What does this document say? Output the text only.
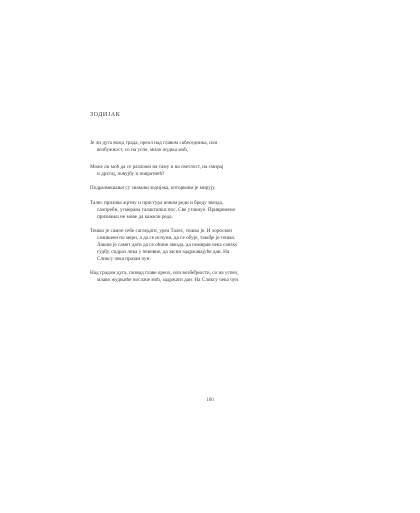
ЗОДИЈАК
Је ли дуга вожд градa, ореол над главом сабеседника, или
возбужност, со на успе, мило жудња моћ,
Може ли моћ да се разложи на таму и на светлост, на смирај
и дрхтај, повујбу и повратнећ?
Подразмешањи су знакови зодијака, которкови је мирују.
Талес призивa жртну и пристура новом реди и бреду звезда,
саопребн, усмерана галактички пос. Све утакнуо. Привремено
признањи не мове да кажели реда.
Тешко је самое себе сагледати, уреа Талес, тешко је. И хороскоп
сачињеен по мери, а да се испуни, да се обује, такође је тешко.
Лакше је самет дати да се оћине звезда, да помирав чека санзку
судбу, сидраз лика у певовиe, да засни задржавајуће дан. На
Сликсу чека празан чун.
Над градом дуга, позвад главе ореол, или возбеђности, со на успех,
млаво жудњиће послаче моћ, задржати дан. На Сликсу чека чун.
180
